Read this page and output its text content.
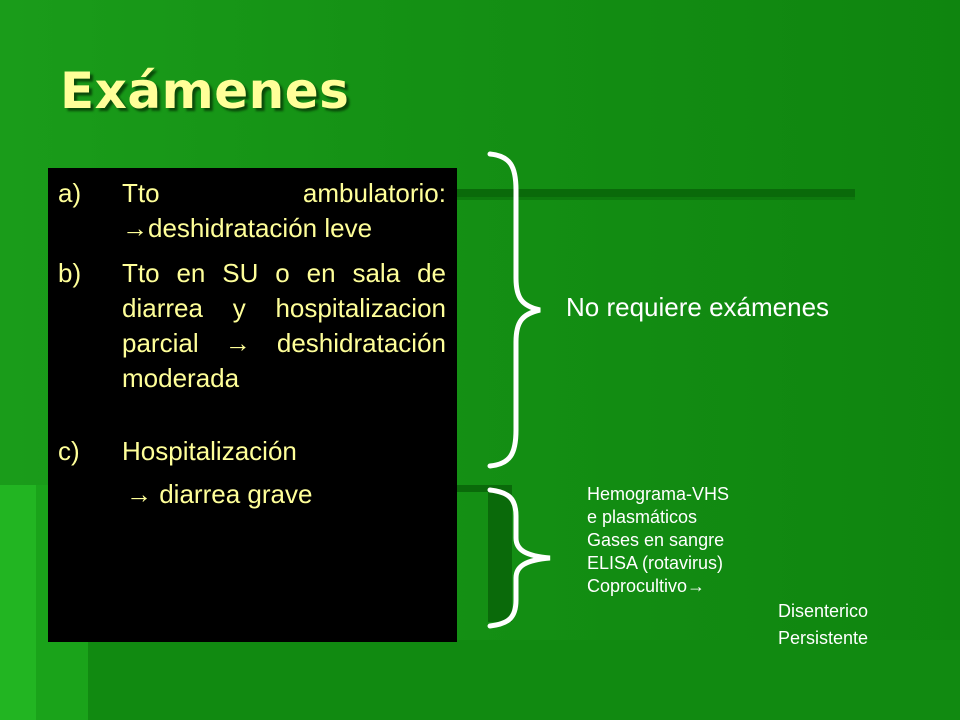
Exámenes
a) Tto ambulatorio: →deshidratación leve
b) Tto en SU o en sala de diarrea y hospitalizacion parcial → deshidratación moderada
c) Hospitalización
→ diarrea grave
No requiere exámenes
Hemograma-VHS
e plasmáticos
Gases en sangre
ELISA (rotavirus)
Coprocultivo→
Disenterico
Persistente
